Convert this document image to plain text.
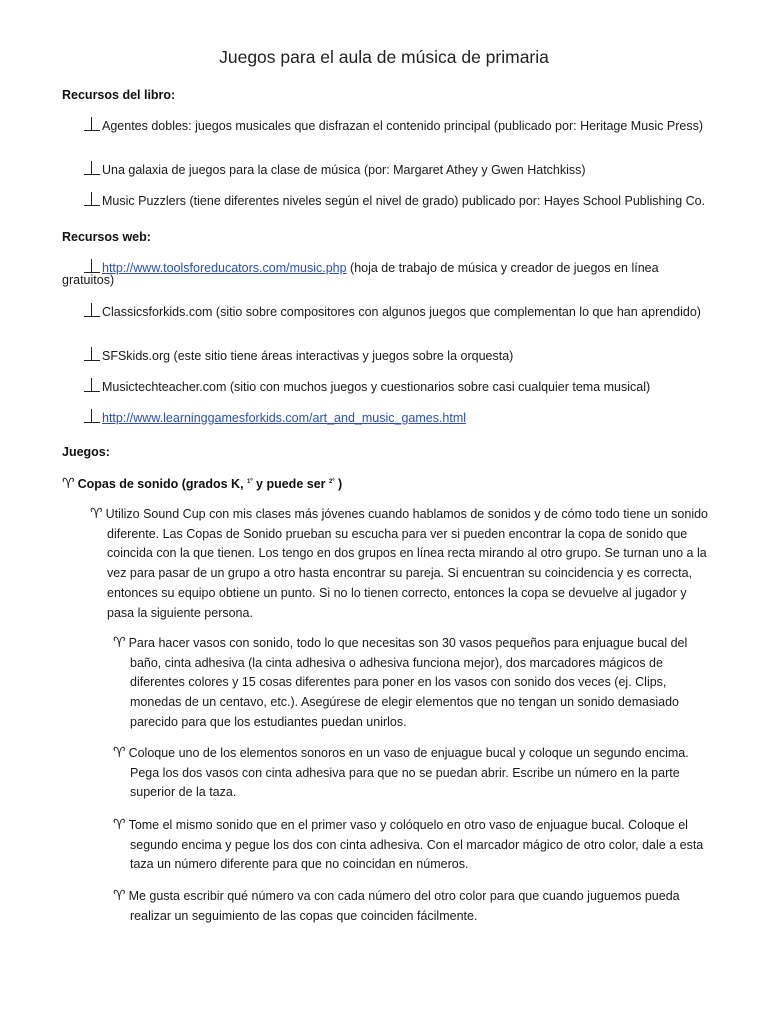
Juegos para el aula de música de primaria
Recursos del libro:
Agentes dobles: juegos musicales que disfrazan el contenido principal (publicado por: Heritage Music Press)
Una galaxia de juegos para la clase de música (por: Margaret Athey y Gwen Hatchkiss)
Music Puzzlers (tiene diferentes niveles según el nivel de grado) publicado por: Hayes School Publishing Co.
Recursos web:
http://www.toolsforeducators.com/music.php (hoja de trabajo de música y creador de juegos en línea gratuitos)
Classicsforkids.com (sitio sobre compositores con algunos juegos que complementan lo que han aprendido)
SFSkids.org (este sitio tiene áreas interactivas y juegos sobre la orquesta)
Musictechteacher.com (sitio con muchos juegos y cuestionarios sobre casi cualquier tema musical)
http://www.learninggamesforkids.com/art_and_music_games.html
Juegos:
♈ Copas de sonido (grados K, $^{1º}$ y puede ser $^{2º}$ )
♈ Utilizo Sound Cup con mis clases más jóvenes cuando hablamos de sonidos y de cómo todo tiene un sonido diferente. Las Copas de Sonido prueban su escucha para ver si pueden encontrar la copa de sonido que coincida con la que tienen. Los tengo en dos grupos en línea recta mirando al otro grupo. Se turnan uno a la vez para pasar de un grupo a otro hasta encontrar su pareja. Si encuentran su coincidencia y es correcta, entonces su equipo obtiene un punto. Si no lo tienen correcto, entonces la copa se devuelve al jugador y pasa la siguiente persona.
♈ Para hacer vasos con sonido, todo lo que necesitas son 30 vasos pequeños para enjuague bucal del baño, cinta adhesiva (la cinta adhesiva o adhesiva funciona mejor), dos marcadores mágicos de diferentes colores y 15 cosas diferentes para poner en los vasos con sonido dos veces (ej. Clips, monedas de un centavo, etc.). Asegúrese de elegir elementos que no tengan un sonido demasiado parecido para que los estudiantes puedan unirlos.
♈ Coloque uno de los elementos sonoros en un vaso de enjuague bucal y coloque un segundo encima. Pega los dos vasos con cinta adhesiva para que no se puedan abrir. Escribe un número en la parte superior de la taza.
♈ Tome el mismo sonido que en el primer vaso y colóquelo en otro vaso de enjuague bucal. Coloque el segundo encima y pegue los dos con cinta adhesiva. Con el marcador mágico de otro color, dale a esta taza un número diferente para que no coincidan en números.
♈ Me gusta escribir qué número va con cada número del otro color para que cuando juguemos pueda realizar un seguimiento de las copas que coinciden fácilmente.
